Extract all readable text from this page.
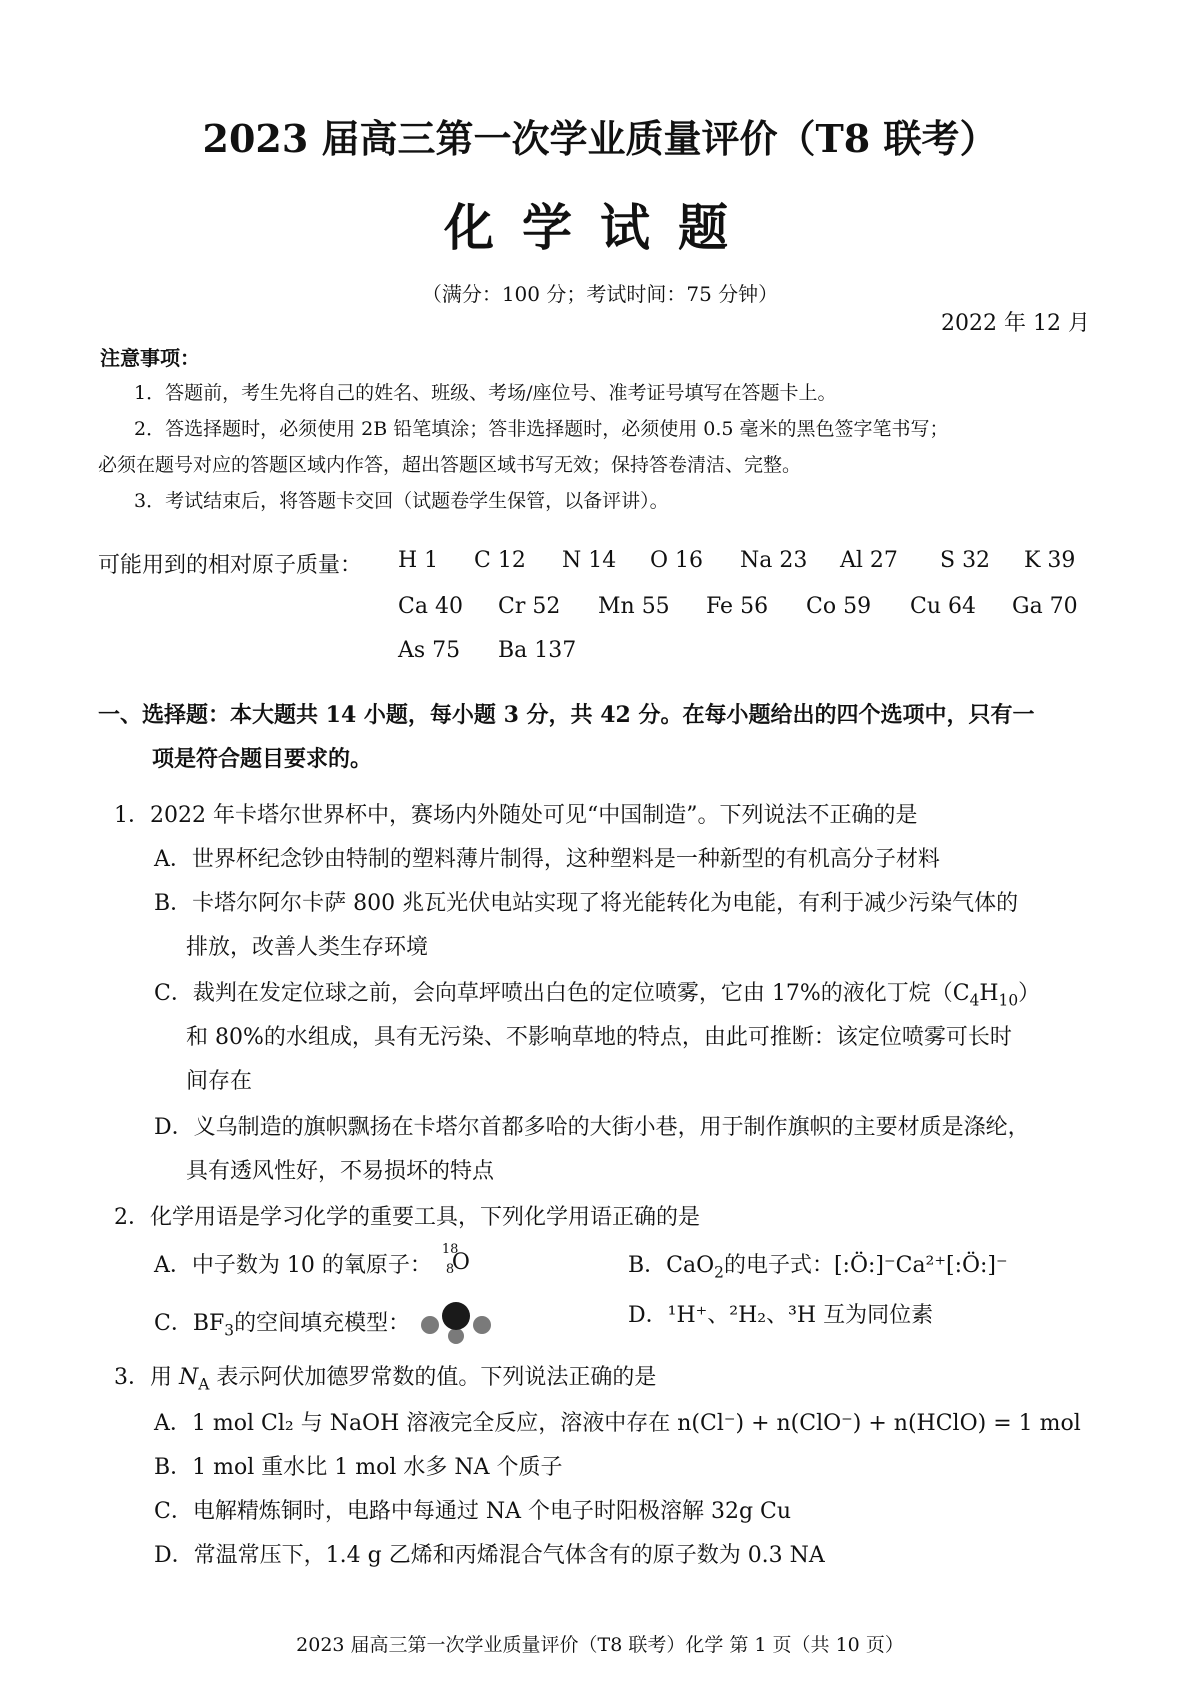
2023 届高三第一次学业质量评价（T8 联考）
化学试题
（满分：100 分；考试时间：75 分钟）
2022 年 12 月
注意事项：
1．答题前，考生先将自己的姓名、班级、考场/座位号、准考证号填写在答题卡上。
2．答选择题时，必须使用 2B 铅笔填涂；答非选择题时，必须使用 0.5 毫米的黑色签字笔书写；
必须在题号对应的答题区域内作答，超出答题区域书写无效；保持答卷清洁、完整。
3．考试结束后，将答题卡交回（试题卷学生保管，以备评讲）。
可能用到的相对原子质量： H 1 C 12 N 14 O 16 Na 23 Al 27 S 32 K 39
Ca 40 Cr 52 Mn 55 Fe 56 Co 59 Cu 64 Ga 70
As 75 Ba 137
一、选择题：本大题共 14 小题，每小题 3 分，共 42 分。在每小题给出的四个选项中，只有一
项是符合题目要求的。
1．2022 年卡塔尔世界杯中，赛场内外随处可见“中国制造”。下列说法不正确的是
A．世界杯纪念钞由特制的塑料薄片制得，这种塑料是一种新型的有机高分子材料
B．卡塔尔阿尔卡萨 800 兆瓦光伏电站实现了将光能转化为电能，有利于减少污染气体的
排放，改善人类生存环境
C．裁判在发定位球之前，会向草坪喷出白色的定位喷雾，它由 17%的液化丁烷$(C_4H_{10})$
和 80%的水组成，具有无污染、不影响草地的特点，由此可推断：该定位喷雾可长时
间存在
D．义乌制造的旗帜飘扬在卡塔尔首都多哈的大街小巷，用于制作旗帜的主要材质是涤纶，
具有透风性好，不易损坏的特点
2．化学用语是学习化学的重要工具，下列化学用语正确的是
A．中子数为 10 的氧原子：
18
8
O	B．CaO$_2$的电子式：[:Ö:]⁻Ca²⁺[:Ö:]⁻
C．$BF_3$的空间填充模型：	D．¹H⁺、²H₂、³H 互为同位素
3．用 $N_A$ 表示阿伏加德罗常数的值。下列说法正确的是
A．1 mol Cl₂ 与 NaOH 溶液完全反应，溶液中存在 n(Cl⁻) + n(ClO⁻) + n(HClO) = 1 mol
B．1 mol 重水比 1 mol 水多 NA 个质子
C．电解精炼铜时，电路中每通过 NA 个电子时阳极溶解 32g Cu
D．常温常压下，1.4 g 乙烯和丙烯混合气体含有的原子数为 0.3 NA
2023 届高三第一次学业质量评价（T8 联考）化学 第 1 页（共 10 页）
